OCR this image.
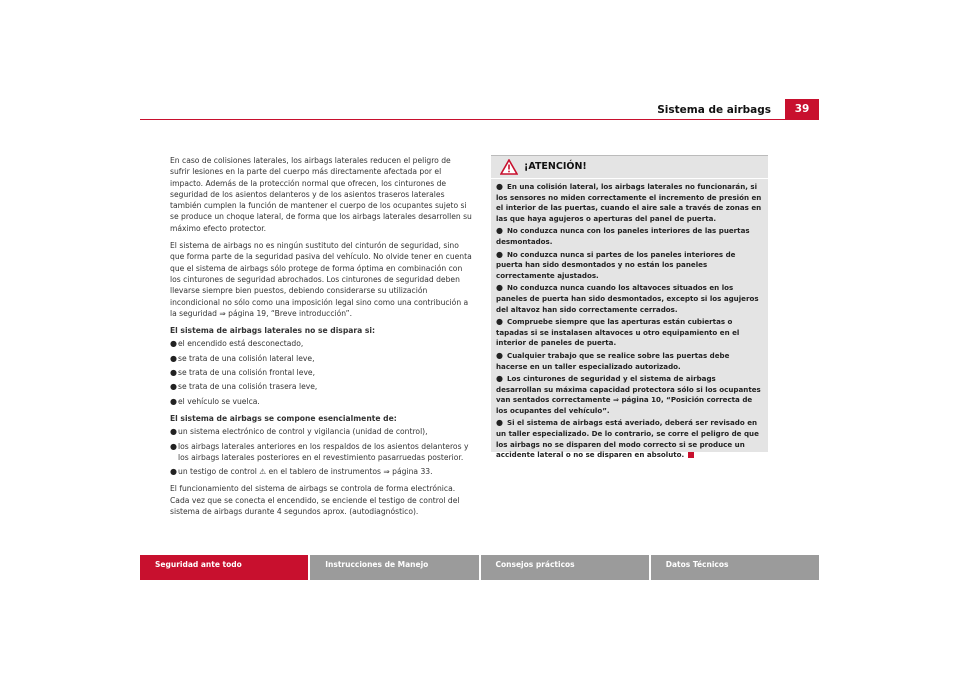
Sistema de airbags	39

En caso de colisiones laterales, los airbags laterales reducen el peligro de sufrir lesiones en la parte del cuerpo más directamente afectada por el impacto. Además de la protección normal que ofrecen, los cinturones de seguridad de los asientos delanteros y de los asientos traseros laterales también cumplen la función de mantener el cuerpo de los ocupantes sujeto si se produce un choque lateral, de forma que los airbags laterales desarrollen su máximo efecto protector.

El sistema de airbags no es ningún sustituto del cinturón de seguridad, sino que forma parte de la seguridad pasiva del vehículo. No olvide tener en cuenta que el sistema de airbags sólo protege de forma óptima en combinación con los cinturones de seguridad abrochados. Los cinturones de seguridad deben llevarse siempre bien puestos, debiendo considerarse su utilización incondicional no sólo como una imposición legal sino como una contribución a la seguridad ⇒ página 19, “Breve introducción”.

El sistema de airbags laterales no se dispara si:

● el encendido está desconectado,
● se trata de una colisión lateral leve,
● se trata de una colisión frontal leve,
● se trata de una colisión trasera leve,
● el vehículo se vuelca.

El sistema de airbags se compone esencialmente de:

● un sistema electrónico de control y vigilancia (unidad de control),
● los airbags laterales anteriores en los respaldos de los asientos delanteros y los airbags laterales posteriores en el revestimiento pasarruedas posterior.
● un testigo de control ⚠ en el tablero de instrumentos ⇒ página 33.

El funcionamiento del sistema de airbags se controla de forma electrónica. Cada vez que se conecta el encendido, se enciende el testigo de control del sistema de airbags durante 4 segundos aprox. (autodiagnóstico).

¡ATENCIÓN!
● En una colisión lateral, los airbags laterales no funcionarán, si los sensores no miden correctamente el incremento de presión en el interior de las puertas, cuando el aire sale a través de zonas en las que haya agujeros o aperturas del panel de puerta.
● No conduzca nunca con los paneles interiores de las puertas desmontados.
● No conduzca nunca si partes de los paneles interiores de puerta han sido desmontados y no están los paneles correctamente ajustados.
● No conduzca nunca cuando los altavoces situados en los paneles de puerta han sido desmontados, excepto si los agujeros del altavoz han sido correctamente cerrados.
● Compruebe siempre que las aperturas están cubiertas o tapadas si se instalasen altavoces u otro equipamiento en el interior de paneles de puerta.
● Cualquier trabajo que se realice sobre las puertas debe hacerse en un taller especializado autorizado.
● Los cinturones de seguridad y el sistema de airbags desarrollan su máxima capacidad protectora sólo si los ocupantes van sentados correctamente ⇒ página 10, “Posición correcta de los ocupantes del vehículo”.
● Si el sistema de airbags está averiado, deberá ser revisado en un taller especializado. De lo contrario, se corre el peligro de que los airbags no se disparen del modo correcto si se produce un accidente lateral o no se disparen en absoluto.
Seguridad ante todo	Instrucciones de Manejo	Consejos prácticos	Datos Técnicos
